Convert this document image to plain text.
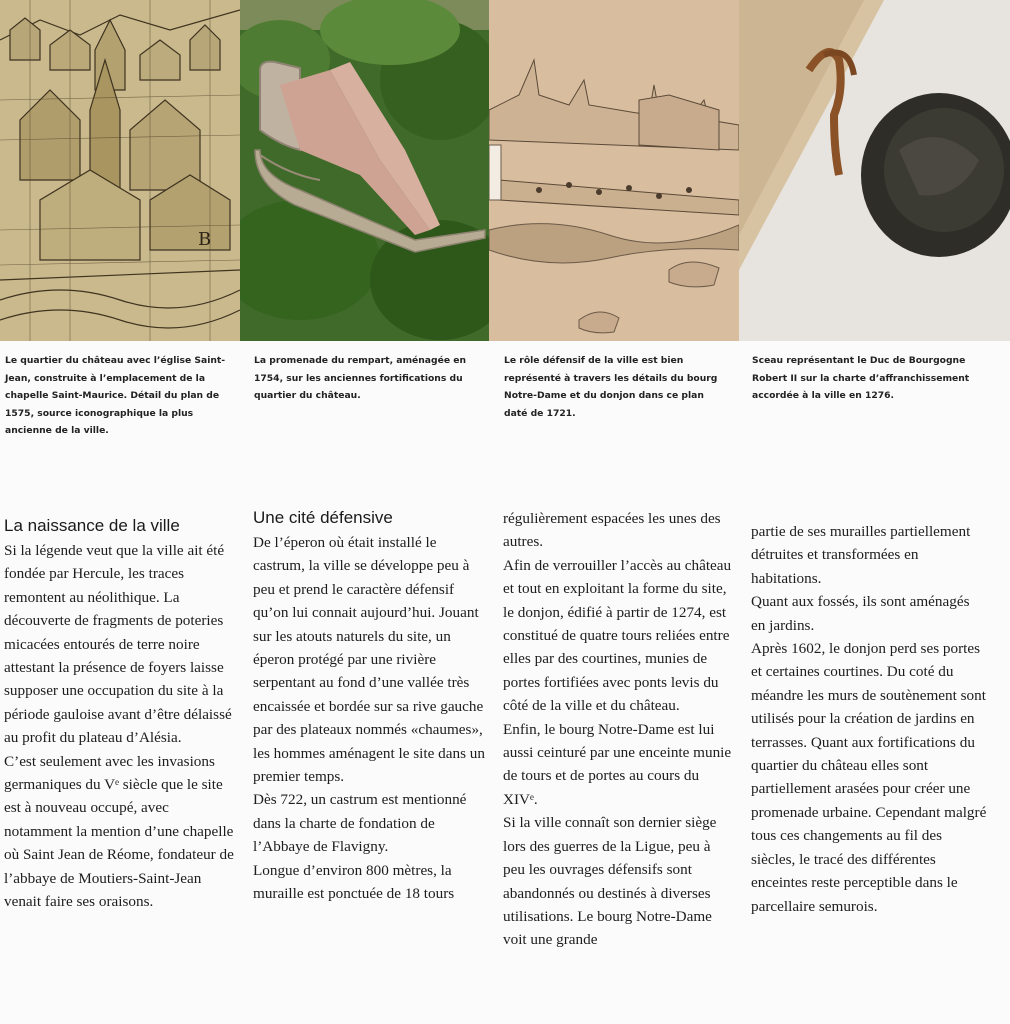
B

Le quartier du château avec l’église Saint-Jean, construite à l’emplacement de la chapelle Saint-Maurice. Détail du plan de 1575, source iconographique la plus ancienne de la ville.

La promenade du rempart, aménagée en 1754, sur les anciennes fortifications du quartier du château.

Le rôle défensif de la ville est bien représenté à travers les détails du bourg Notre-Dame et du donjon dans ce plan daté de 1721.

Sceau représentant le Duc de Bourgogne Robert II sur la charte d’affranchissement accordée à la ville en 1276.

La naissance de la ville

Si la légende veut que la ville ait été fondée par Hercule, les traces remontent au néolithique. La découverte de fragments de poteries micacées entourés de terre noire attestant la présence de foyers laisse supposer une occupation du site à la période gauloise avant d’être délaissé au profit du plateau d’Alésia.

C’est seulement avec les invasions germaniques du Vᵉ siècle que le site est à nouveau occupé, avec notamment la mention d’une chapelle où Saint Jean de Réome, fondateur de l’abbaye de Moutiers-Saint-Jean venait faire ses oraisons.

Une cité défensive

De l’éperon où était installé le castrum, la ville se développe peu à peu et prend le caractère défensif qu’on lui connait aujourd’hui. Jouant sur les atouts naturels du site, un éperon protégé par une rivière serpentant au fond d’une vallée très encaissée et bordée sur sa rive gauche par des plateaux nommés «chaumes», les hommes aménagent le site dans un premier temps.

Dès 722, un castrum est mentionné dans la charte de fondation de l’Abbaye de Flavigny.

Longue d’environ 800 mètres, la muraille est ponctuée de 18 tours

régulièrement espacées les unes des autres.

Afin de verrouiller l’accès au château et tout en exploitant la forme du site, le donjon, édifié à partir de 1274, est constitué de quatre tours reliées entre elles par des courtines, munies de portes fortifiées avec ponts levis du côté de la ville et du château.

Enfin, le bourg Notre-Dame est lui aussi ceinturé par une enceinte munie de tours et de portes au cours du XIVᵉ.

Si la ville connaît son dernier siège lors des guerres de la Ligue, peu à peu les ouvrages défensifs sont abandonnés ou destinés à diverses utilisations. Le bourg Notre-Dame voit une grande

partie de ses murailles partiellement détruites et transformées en habitations.

Quant aux fossés, ils sont aménagés en jardins.

Après 1602, le donjon perd ses portes et certaines courtines. Du coté du méandre les murs de soutènement sont utilisés pour la création de jardins en terrasses. Quant aux fortifications du quartier du château elles sont partiellement arasées pour créer une promenade urbaine. Cependant malgré tous ces changements au fil des siècles, le tracé des différentes enceintes reste perceptible dans le parcellaire semurois.
